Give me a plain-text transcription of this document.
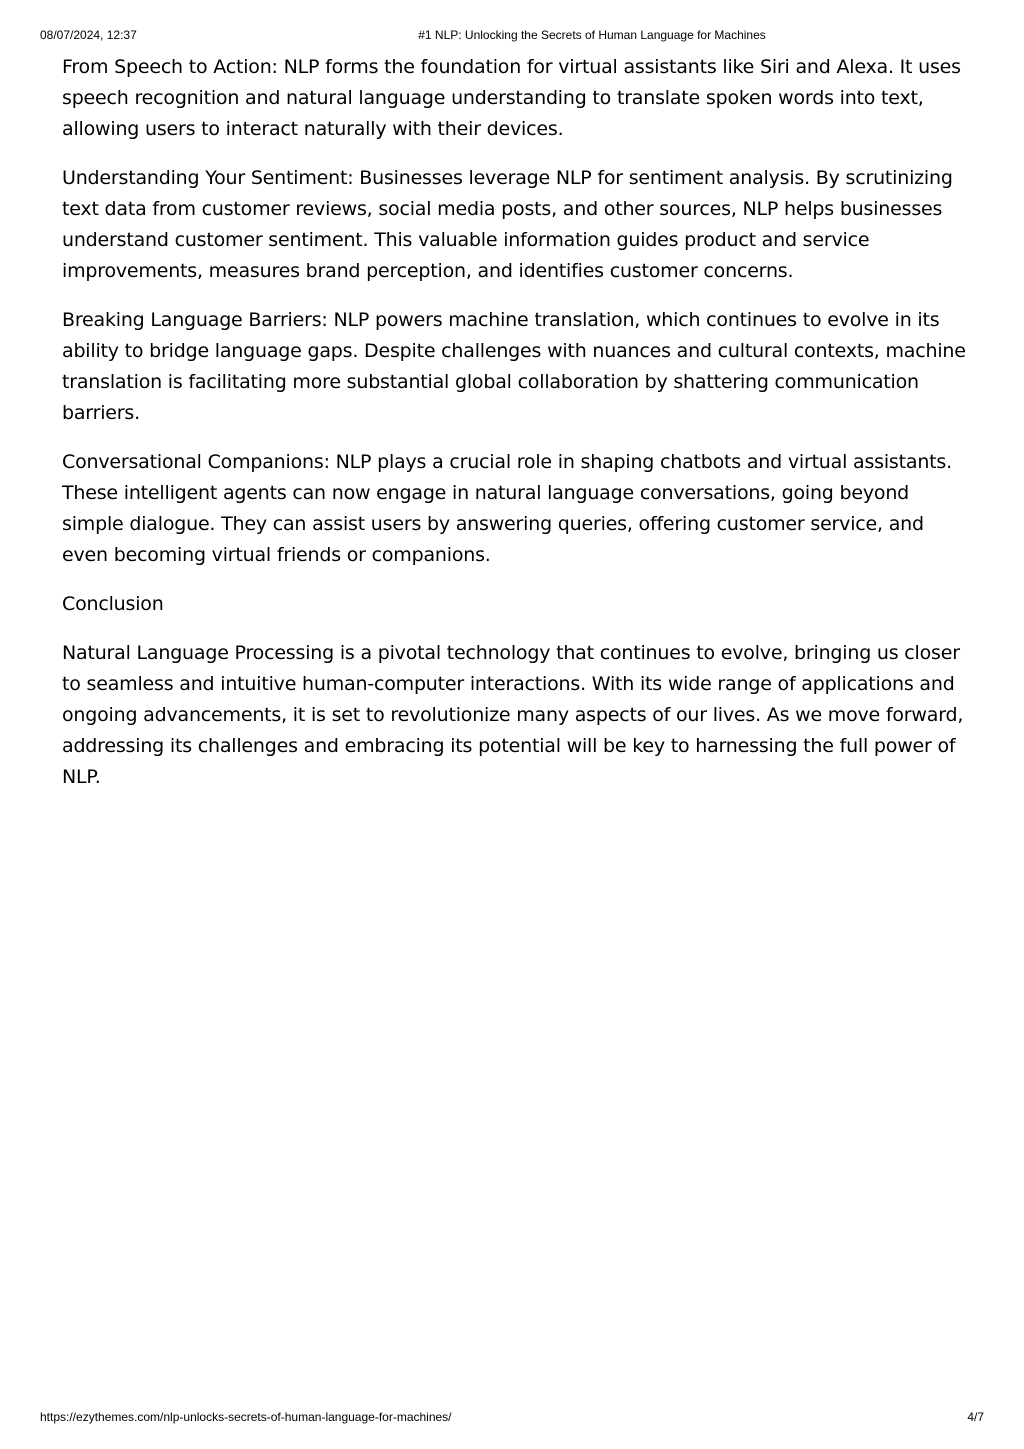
08/07/2024, 12:37	#1 NLP: Unlocking the Secrets of Human Language for Machines

From Speech to Action: NLP forms the foundation for virtual assistants like Siri and Alexa. It uses speech recognition and natural language understanding to translate spoken words into text, allowing users to interact naturally with their devices.

Understanding Your Sentiment: Businesses leverage NLP for sentiment analysis. By scrutinizing text data from customer reviews, social media posts, and other sources, NLP helps businesses understand customer sentiment. This valuable information guides product and service improvements, measures brand perception, and identifies customer concerns.

Breaking Language Barriers: NLP powers machine translation, which continues to evolve in its ability to bridge language gaps. Despite challenges with nuances and cultural contexts, machine translation is facilitating more substantial global collaboration by shattering communication barriers.

Conversational Companions: NLP plays a crucial role in shaping chatbots and virtual assistants. These intelligent agents can now engage in natural language conversations, going beyond simple dialogue. They can assist users by answering queries, offering customer service, and even becoming virtual friends or companions.

Conclusion

Natural Language Processing is a pivotal technology that continues to evolve, bringing us closer to seamless and intuitive human-computer interactions. With its wide range of applications and ongoing advancements, it is set to revolutionize many aspects of our lives. As we move forward, addressing its challenges and embracing its potential will be key to harnessing the full power of NLP.

https://ezythemes.com/nlp-unlocks-secrets-of-human-language-for-machines/	4/7
